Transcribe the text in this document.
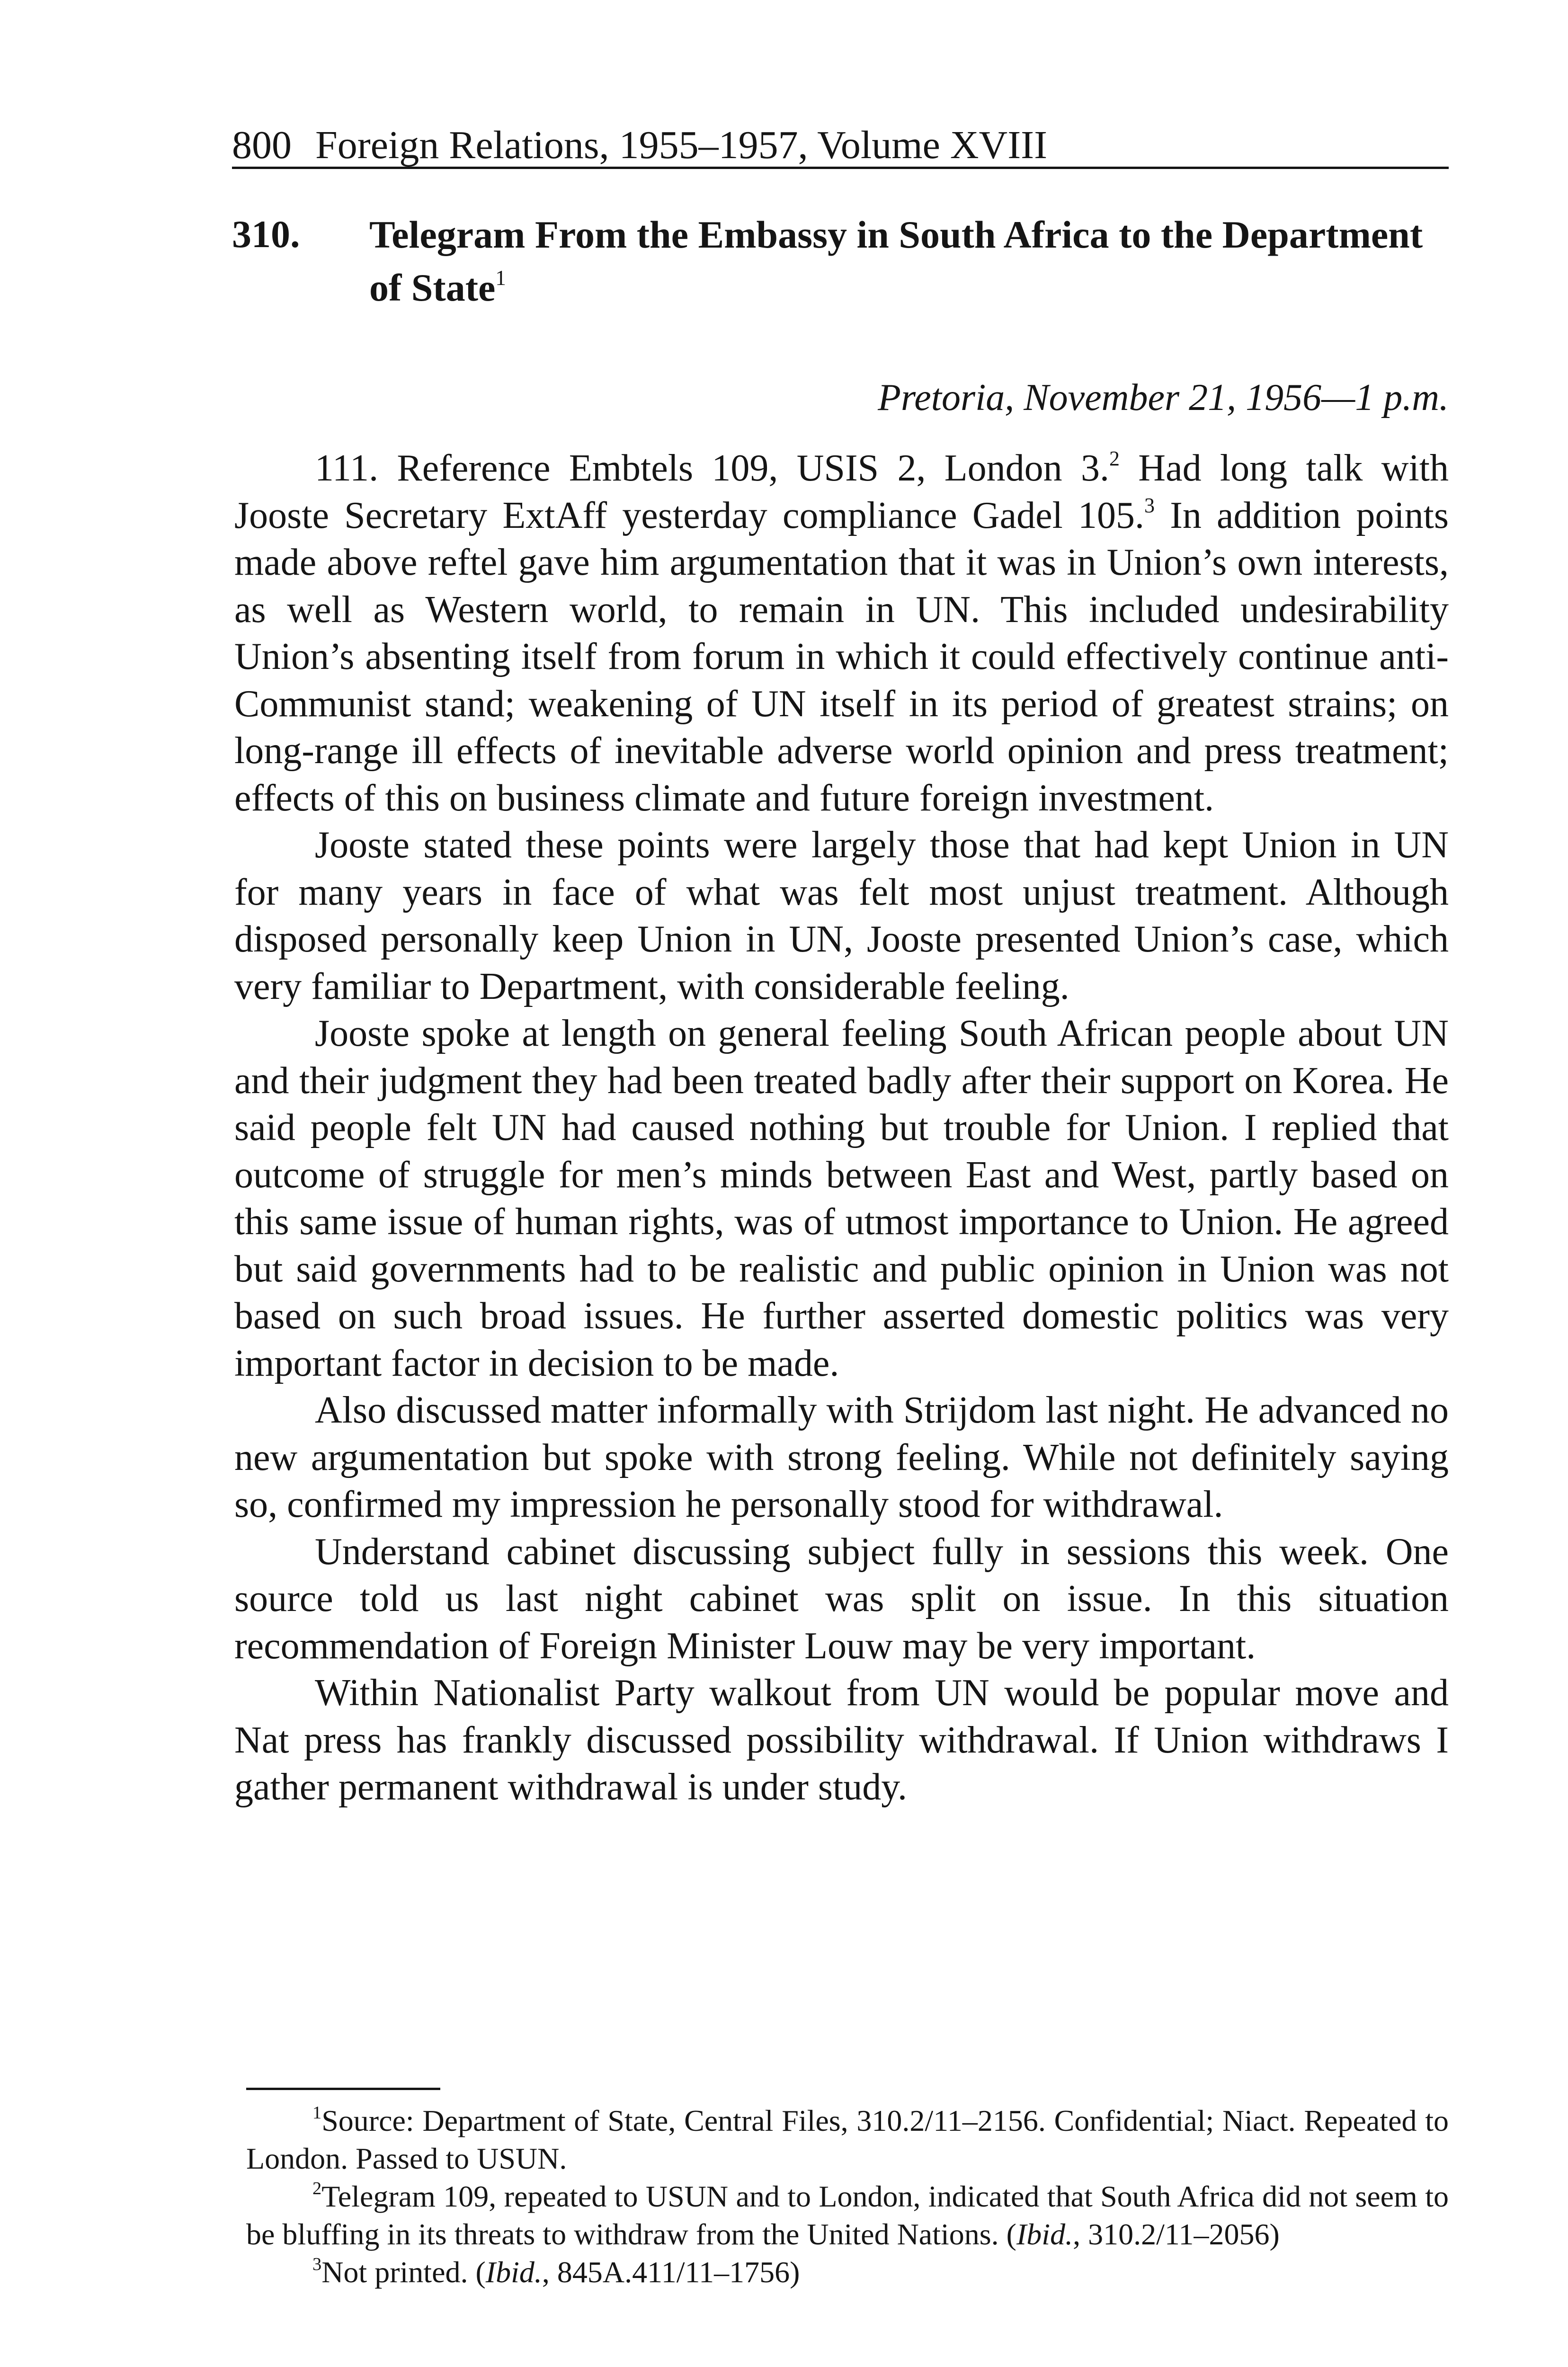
800 Foreign Relations, 1955–1957, Volume XVIII
310. Telegram From the Embassy in South Africa to the Department of State$^1$
Pretoria, November 21, 1956—1 p.m.

111. Reference Embtels 109, USIS 2, London 3.$^2$ Had long talk with Jooste Secretary ExtAff yesterday compliance Gadel 105.$^3$ In addition points made above reftel gave him argumentation that it was in Union’s own interests, as well as Western world, to remain in UN. This included undesirability Union’s absenting itself from forum in which it could effectively continue anti-Communist stand; weakening of UN itself in its period of greatest strains; on long-range ill effects of inevitable adverse world opinion and press treatment; effects of this on business climate and future foreign investment.

Jooste stated these points were largely those that had kept Union in UN for many years in face of what was felt most unjust treatment. Although disposed personally keep Union in UN, Jooste presented Union’s case, which very familiar to Department, with considerable feeling.

Jooste spoke at length on general feeling South African people about UN and their judgment they had been treated badly after their support on Korea. He said people felt UN had caused nothing but trouble for Union. I replied that outcome of struggle for men’s minds between East and West, partly based on this same issue of human rights, was of utmost importance to Union. He agreed but said governments had to be realistic and public opinion in Union was not based on such broad issues. He further asserted domestic politics was very important factor in decision to be made.

Also discussed matter informally with Strijdom last night. He advanced no new argumentation but spoke with strong feeling. While not definitely saying so, confirmed my impression he personally stood for withdrawal.

Understand cabinet discussing subject fully in sessions this week. One source told us last night cabinet was split on issue. In this situation recommendation of Foreign Minister Louw may be very important.

Within Nationalist Party walkout from UN would be popular move and Nat press has frankly discussed possibility withdrawal. If Union withdraws I gather permanent withdrawal is under study.

$^1$Source: Department of State, Central Files, 310.2/11–2156. Confidential; Niact. Repeated to London. Passed to USUN.

$^2$Telegram 109, repeated to USUN and to London, indicated that South Africa did not seem to be bluffing in its threats to withdraw from the United Nations. (Ibid., 310.2/11–2056)

$^3$Not printed. (Ibid., 845A.411/11–1756)
